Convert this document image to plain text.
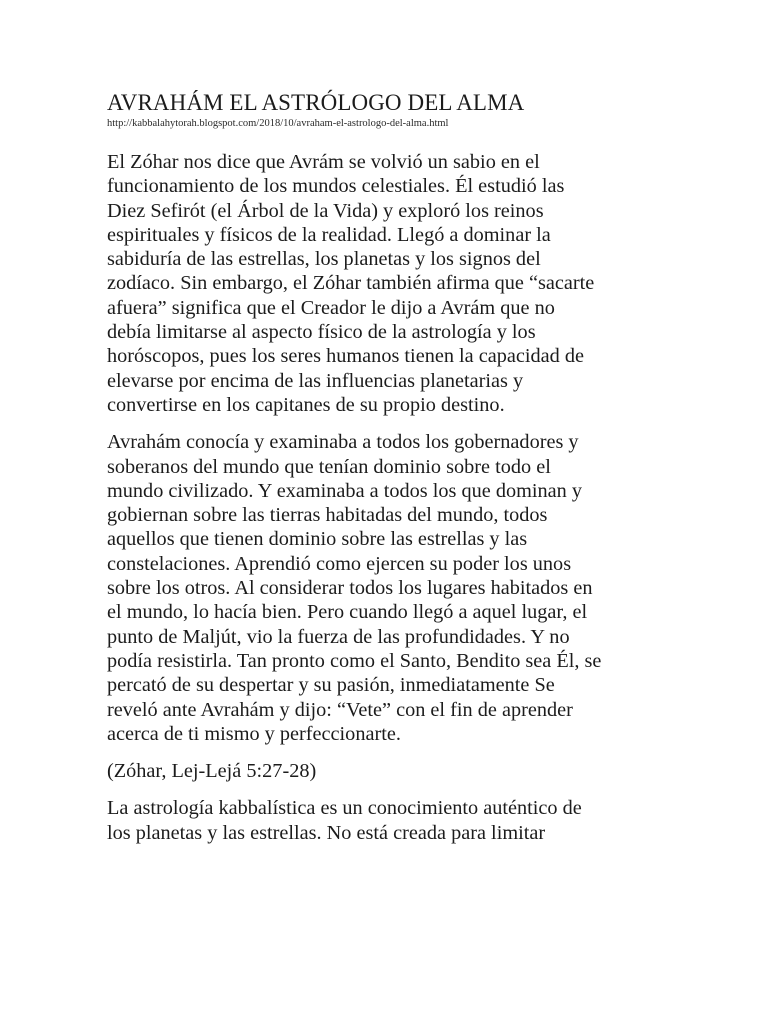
AVRAHÁM EL ASTRÓLOGO DEL ALMA
http://kabbalahytorah.blogspot.com/2018/10/avraham-el-astrologo-del-alma.html

El Zóhar nos dice que Avrám se volvió un sabio en el
funcionamiento de los mundos celestiales. Él estudió las
Diez Sefirót (el Árbol de la Vida) y exploró los reinos
espirituales y físicos de la realidad. Llegó a dominar la
sabiduría de las estrellas, los planetas y los signos del
zodíaco. Sin embargo, el Zóhar también afirma que “sacarte
afuera” significa que el Creador le dijo a Avrám que no
debía limitarse al aspecto físico de la astrología y los
horóscopos, pues los seres humanos tienen la capacidad de
elevarse por encima de las influencias planetarias y
convertirse en los capitanes de su propio destino.

Avrahám conocía y examinaba a todos los gobernadores y
soberanos del mundo que tenían dominio sobre todo el
mundo civilizado. Y examinaba a todos los que dominan y
gobiernan sobre las tierras habitadas del mundo, todos
aquellos que tienen dominio sobre las estrellas y las
constelaciones. Aprendió como ejercen su poder los unos
sobre los otros. Al considerar todos los lugares habitados en
el mundo, lo hacía bien. Pero cuando llegó a aquel lugar, el
punto de Maljút, vio la fuerza de las profundidades. Y no
podía resistirla. Tan pronto como el Santo, Bendito sea Él, se
percató de su despertar y su pasión, inmediatamente Se
reveló ante Avrahám y dijo: “Vete” con el fin de aprender
acerca de ti mismo y perfeccionarte.

(Zóhar, Lej-Lejá 5:27-28)

La astrología kabbalística es un conocimiento auténtico de
los planetas y las estrellas. No está creada para limitar
